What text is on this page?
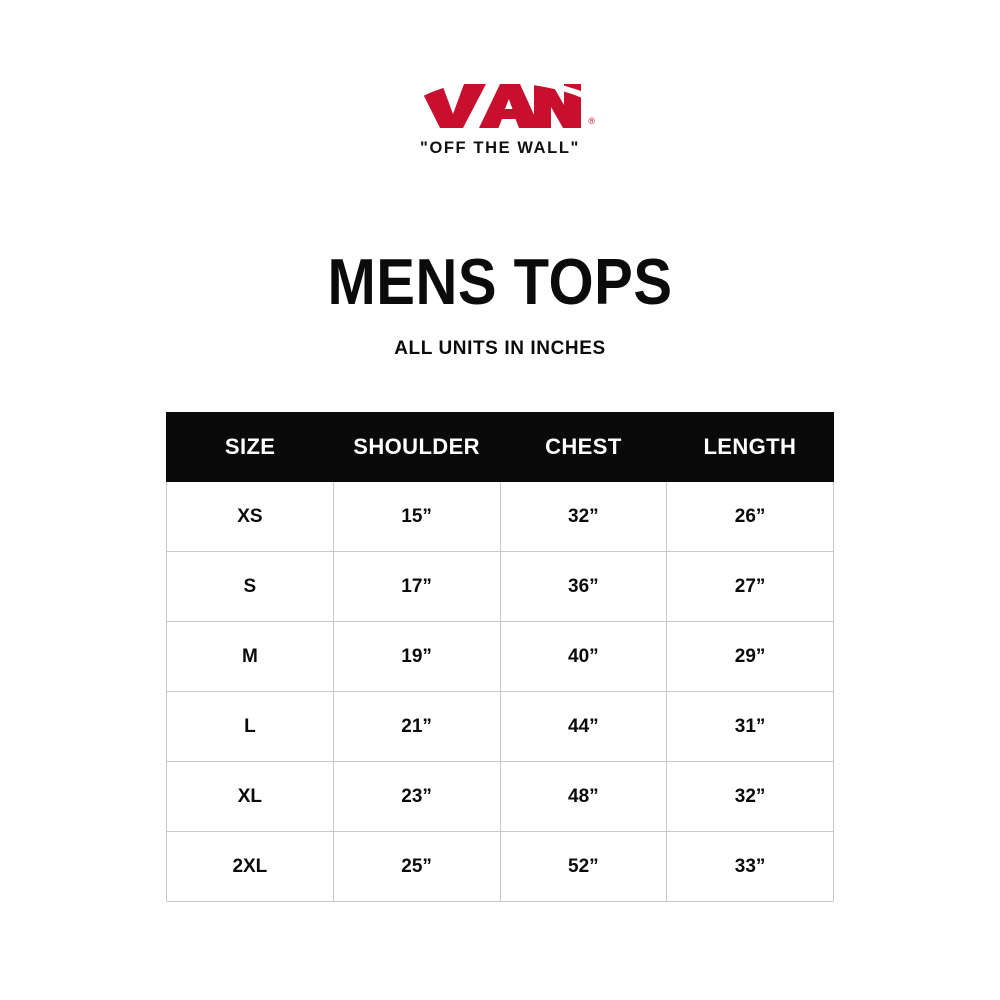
®
"OFF THE WALL"
MENS TOPS
ALL UNITS IN INCHES
SIZE	SHOULDER	CHEST	LENGTH
XS	15”	32”	26”
S	17”	36”	27”
M	19”	40”	29”
L	21”	44”	31”
XL	23”	48”	32”
2XL	25”	52”	33”
